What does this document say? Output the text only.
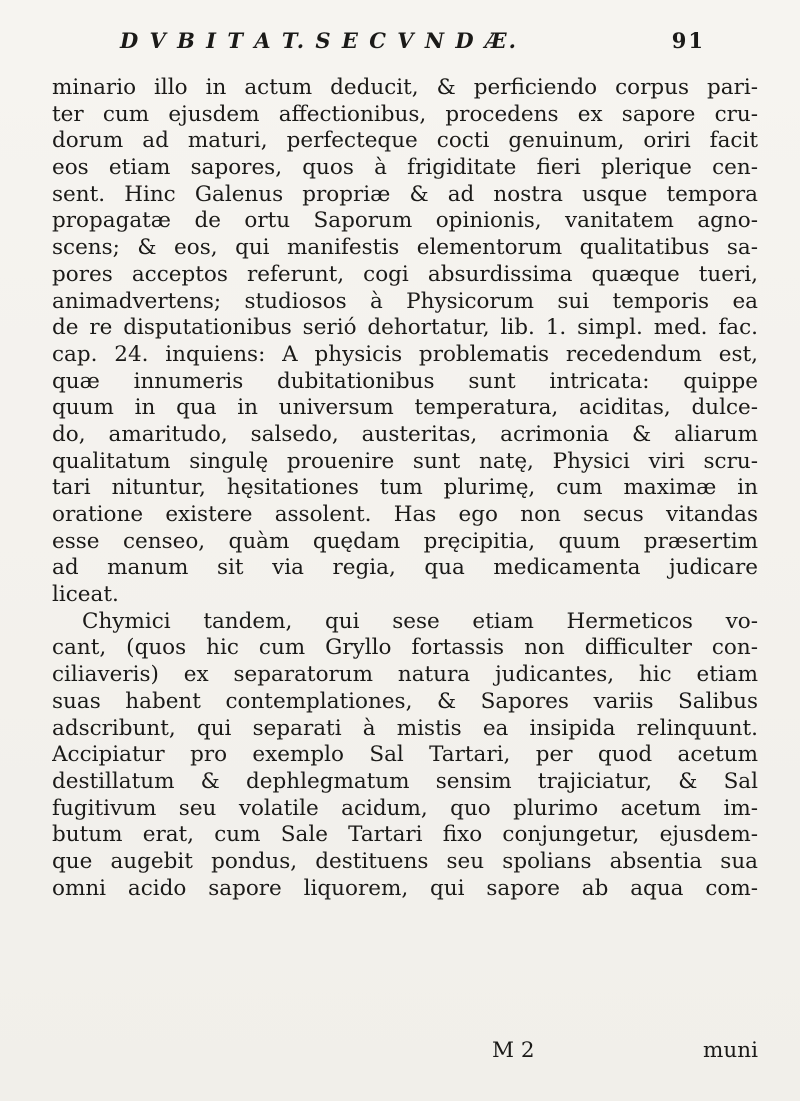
D V B I T A T. S E C V N D Æ.	91
minario illo in actum deducit, & perficiendo corpus pari-
ter cum ejusdem affectionibus, procedens ex sapore cru-
dorum ad maturi, perfecteque cocti genuinum, oriri facit
eos etiam sapores, quos à frigiditate fieri plerique cen-
sent. Hinc Galenus propriæ & ad nostra usque tempora
propagatæ de ortu Saporum opinionis, vanitatem agno-
scens; & eos, qui manifestis elementorum qualitatibus sa-
pores acceptos referunt, cogi absurdissima quæque tueri,
animadvertens; studiosos à Physicorum sui temporis ea
de re disputationibus serió dehortatur, lib. 1. simpl. med. fac.
cap. 24. inquiens: A physicis problematis recedendum est,
quæ innumeris dubitationibus sunt intricata: quippe
quum in qua in universum temperatura, aciditas, dulce-
do, amaritudo, salsedo, austeritas, acrimonia & aliarum
qualitatum singulę prouenire sunt natę, Physici viri scru-
tari nituntur, hęsitationes tum plurimę, cum maximæ in
oratione existere assolent. Has ego non secus vitandas
esse censeo, quàm quędam pręcipitia, quum præsertim
ad manum sit via regia, qua medicamenta judicare
liceat.
Chymici tandem, qui sese etiam Hermeticos vo-
cant, (quos hic cum Gryllo fortassis non difficulter con-
ciliaveris) ex separatorum natura judicantes, hic etiam
suas habent contemplationes, & Sapores variis Salibus
adscribunt, qui separati à mistis ea insipida relinquunt.
Accipiatur pro exemplo Sal Tartari, per quod acetum
destillatum & dephlegmatum sensim trajiciatur, & Sal
fugitivum seu volatile acidum, quo plurimo acetum im-
butum erat, cum Sale Tartari fixo conjungetur, ejusdem-
que augebit pondus, destituens seu spolians absentia sua
omni acido sapore liquorem, qui sapore ab aqua com-
M 2	muni
